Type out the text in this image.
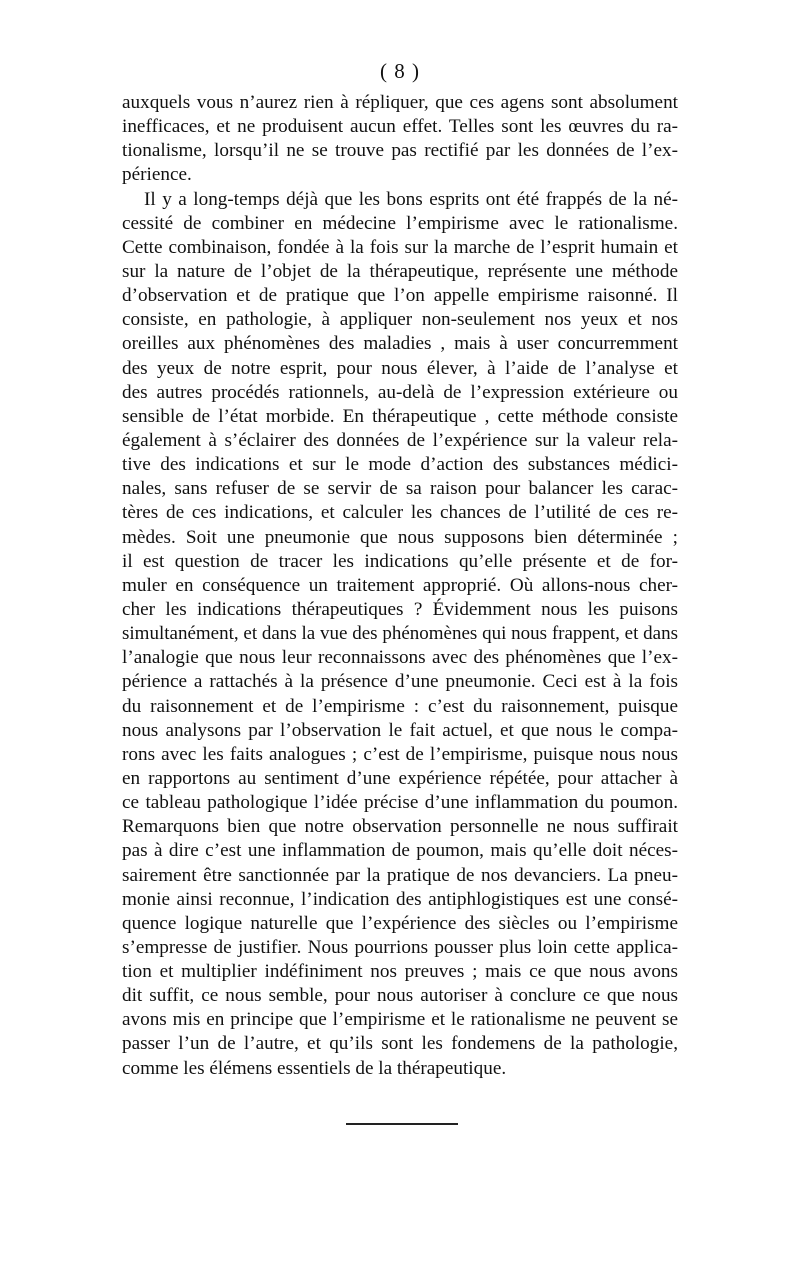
( 8 )
auxquels vous n’aurez rien à répliquer, que ces agens sont absolument
inefficaces, et ne produisent aucun effet. Telles sont les œuvres du ra-
tionalisme, lorsqu’il ne se trouve pas rectifié par les données de l’ex-
périence.
Il y a long-temps déjà que les bons esprits ont été frappés de la né-
cessité de combiner en médecine l’empirisme avec le rationalisme.
Cette combinaison, fondée à la fois sur la marche de l’esprit humain et
sur la nature de l’objet de la thérapeutique, représente une méthode
d’observation et de pratique que l’on appelle empirisme raisonné. Il
consiste, en pathologie, à appliquer non-seulement nos yeux et nos
oreilles aux phénomènes des maladies , mais à user concurremment
des yeux de notre esprit, pour nous élever, à l’aide de l’analyse et
des autres procédés rationnels, au-delà de l’expression extérieure ou
sensible de l’état morbide. En thérapeutique , cette méthode consiste
également à s’éclairer des données de l’expérience sur la valeur rela-
tive des indications et sur le mode d’action des substances médici-
nales, sans refuser de se servir de sa raison pour balancer les carac-
tères de ces indications, et calculer les chances de l’utilité de ces re-
mèdes. Soit une pneumonie que nous supposons bien déterminée ;
il est question de tracer les indications qu’elle présente et de for-
muler en conséquence un traitement approprié. Où allons-nous cher-
cher les indications thérapeutiques ? Évidemment nous les puisons
simultanément, et dans la vue des phénomènes qui nous frappent, et dans
l’analogie que nous leur reconnaissons avec des phénomènes que l’ex-
périence a rattachés à la présence d’une pneumonie. Ceci est à la fois
du raisonnement et de l’empirisme : c’est du raisonnement, puisque
nous analysons par l’observation le fait actuel, et que nous le compa-
rons avec les faits analogues ; c’est de l’empirisme, puisque nous nous
en rapportons au sentiment d’une expérience répétée, pour attacher à
ce tableau pathologique l’idée précise d’une inflammation du poumon.
Remarquons bien que notre observation personnelle ne nous suffirait
pas à dire c’est une inflammation de poumon, mais qu’elle doit néces-
sairement être sanctionnée par la pratique de nos devanciers. La pneu-
monie ainsi reconnue, l’indication des antiphlogistiques est une consé-
quence logique naturelle que l’expérience des siècles ou l’empirisme
s’empresse de justifier. Nous pourrions pousser plus loin cette applica-
tion et multiplier indéfiniment nos preuves ; mais ce que nous avons
dit suffit, ce nous semble, pour nous autoriser à conclure ce que nous
avons mis en principe que l’empirisme et le rationalisme ne peuvent se
passer l’un de l’autre, et qu’ils sont les fondemens de la pathologie,
comme les élémens essentiels de la thérapeutique.
